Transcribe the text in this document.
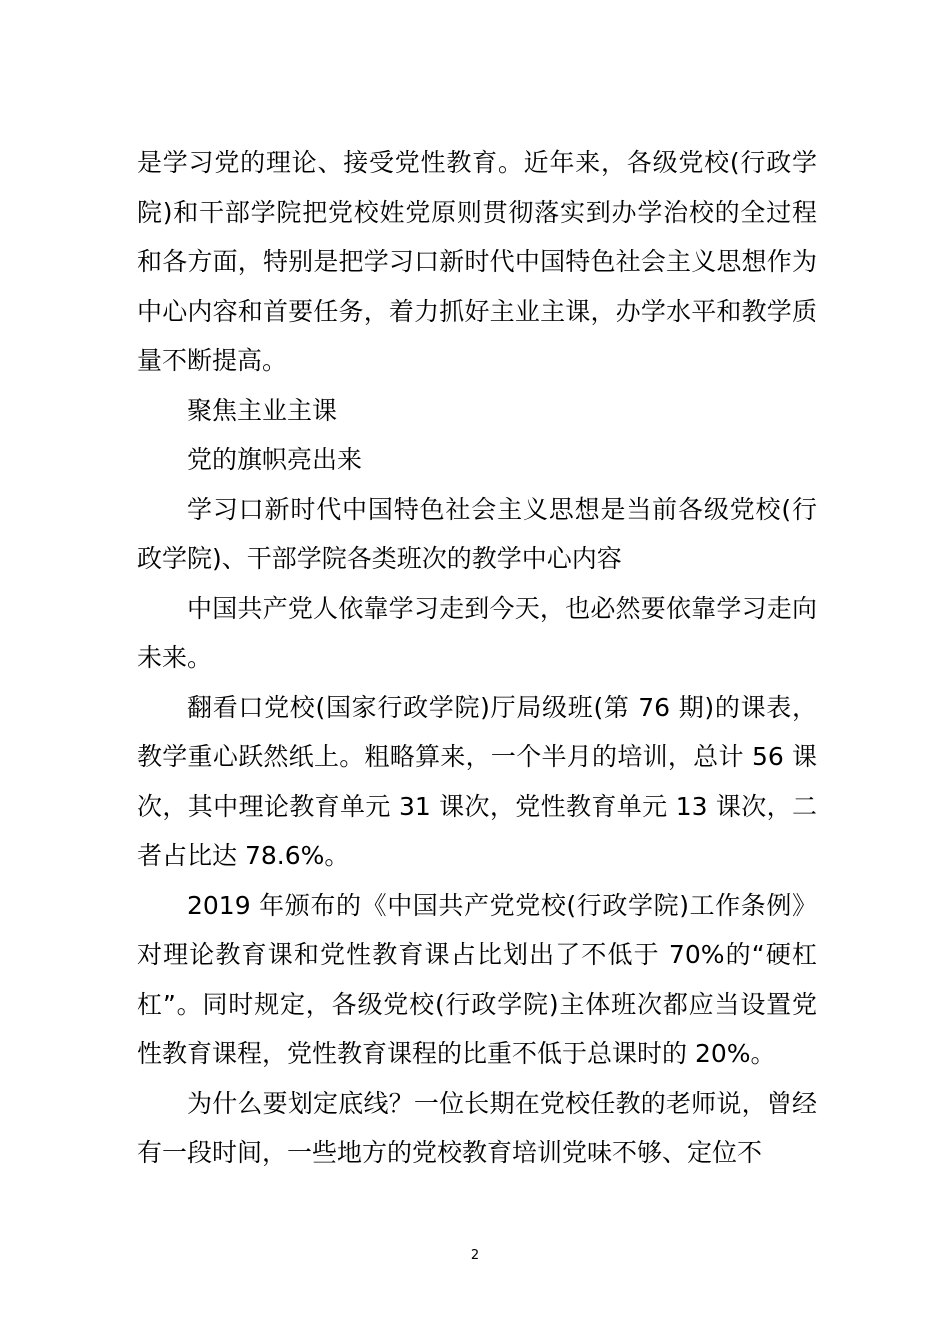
是学习党的理论、接受党性教育。近年来，各级党校(行政学院)和干部学院把党校姓党原则贯彻落实到办学治校的全过程和各方面，特别是把学习口新时代中国特色社会主义思想作为中心内容和首要任务，着力抓好主业主课，办学水平和教学质量不断提高。

聚焦主业主课

党的旗帜亮出来

学习口新时代中国特色社会主义思想是当前各级党校(行政学院)、干部学院各类班次的教学中心内容

中国共产党人依靠学习走到今天，也必然要依靠学习走向未来。

翻看口党校(国家行政学院)厅局级班(第 76 期)的课表，教学重心跃然纸上。粗略算来，一个半月的培训，总计 56 课次，其中理论教育单元 31 课次，党性教育单元 13 课次，二者占比达 78.6%。

2019 年颁布的《中国共产党党校(行政学院)工作条例》对理论教育课和党性教育课占比划出了不低于 70%的“硬杠杠”。同时规定，各级党校(行政学院)主体班次都应当设置党性教育课程，党性教育课程的比重不低于总课时的 20%。

为什么要划定底线？一位长期在党校任教的老师说，曾经有一段时间，一些地方的党校教育培训党味不够、定位不

2
